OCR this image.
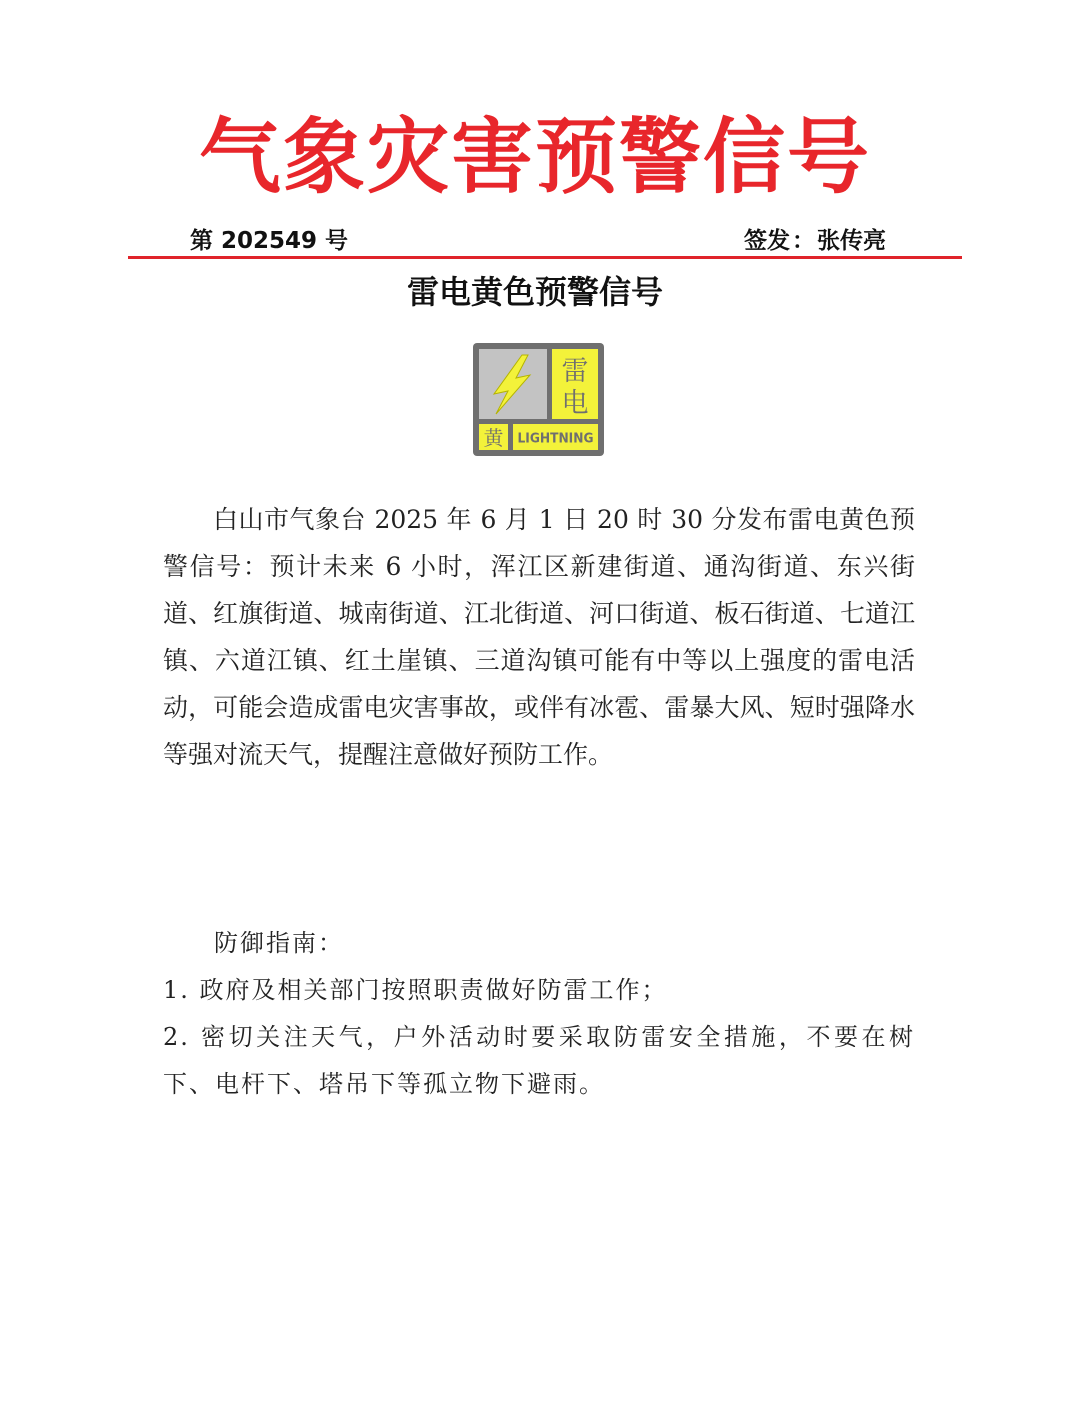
气象灾害预警信号
第 202549 号	签发：张传亮
雷电黄色预警信号
雷
电
黄 LIGHTNING

白山市气象台 2025 年 6 月 1 日 20 时 30 分发布雷电黄色预警信号：预计未来 6 小时，浑江区新建街道、通沟街道、东兴街道、红旗街道、城南街道、江北街道、河口街道、板石街道、七道江镇、六道江镇、红土崖镇、三道沟镇可能有中等以上强度的雷电活动，可能会造成雷电灾害事故，或伴有冰雹、雷暴大风、短时强降水等强对流天气，提醒注意做好预防工作。

防御指南：

1. 政府及相关部门按照职责做好防雷工作；

2. 密切关注天气，户外活动时要采取防雷安全措施，不要在树下、电杆下、塔吊下等孤立物下避雨。
